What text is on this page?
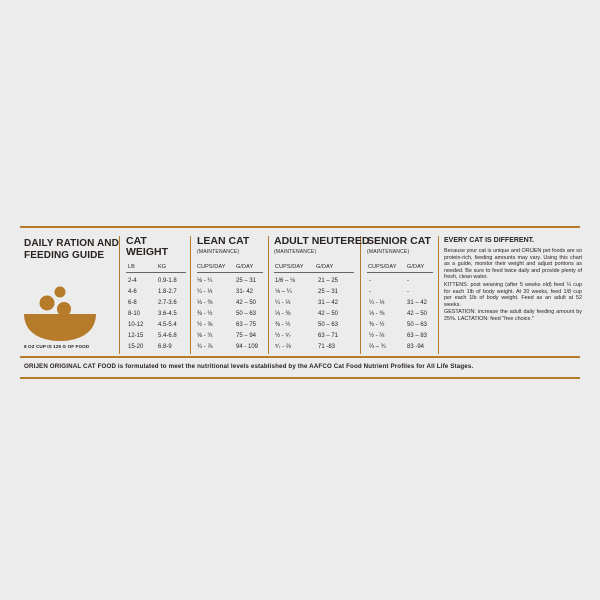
DAILY RATION AND FEEDING GUIDE
8 OZ CUP IS 125 G OF FOOD
CAT WEIGHT
LEAN CAT
(MAINTENANCE)
ADULT NEUTERED
(MAINTENANCE)
SENIOR CAT
(MAINTENANCE)
LB	KG	CUPS/DAY G/DAY	CUPS/DAY G/DAY	CUPS/DAY G/DAY
2-4	0.9-1.8	⅛ - ¼	25 – 31	1/6 – ⅛	21 – 25	-	-
4-6	1.8-2.7	¼ - ⅓	31- 42	⅛ – ¼	25 – 31	-	-
6-8	2.7-3.6	⅓ - ⅜	42 – 50	¼ - ⅓	31 – 42	¼ - ⅓	31 – 42
8-10	3.6-4.5	⅜ - ½	50 – 63	⅓ - ⅜	42 – 50	⅓ - ⅜	42 – 50
10-12 4.5-5.4	½ - ⅝	63 – 75	⅜ - ½	50 – 63	⅜ - ½	50 – 63
12-15 5.4-6.8	⅝ - ¾	75 – 94	½ - ⁵⁄₇	63 – 71	½ - ⅔	63 – 83
15-20 6.8-9	¾ - ⅞	94 - 109	⁵⁄₇ - ⅔	71 -83	⅔ – ¾	83 -94
EVERY CAT IS DIFFERENT.

Because your cat is unique and ORIJEN pet foods are so protein-rich, feeding amounts may vary. Using this chart as a guide, monitor their weight and adjust portions as needed. Be sure to feed twice daily and provide plenty of fresh, clean water.

KITTENS: post weaning (after 5 weeks old) feed ¼ cup for each 1lb of body weight. At 20 weeks, feed 1/8 cup per each 1lb of body weight. Feed as an adult at 52 weeks.

GESTATION: increase the adult daily feeding amount by 25%. LACTATION: feed "free choice."

ORIJEN ORIGINAL CAT FOOD is formulated to meet the nutritional levels established by the AAFCO Cat Food Nutrient Profiles for All Life Stages.
